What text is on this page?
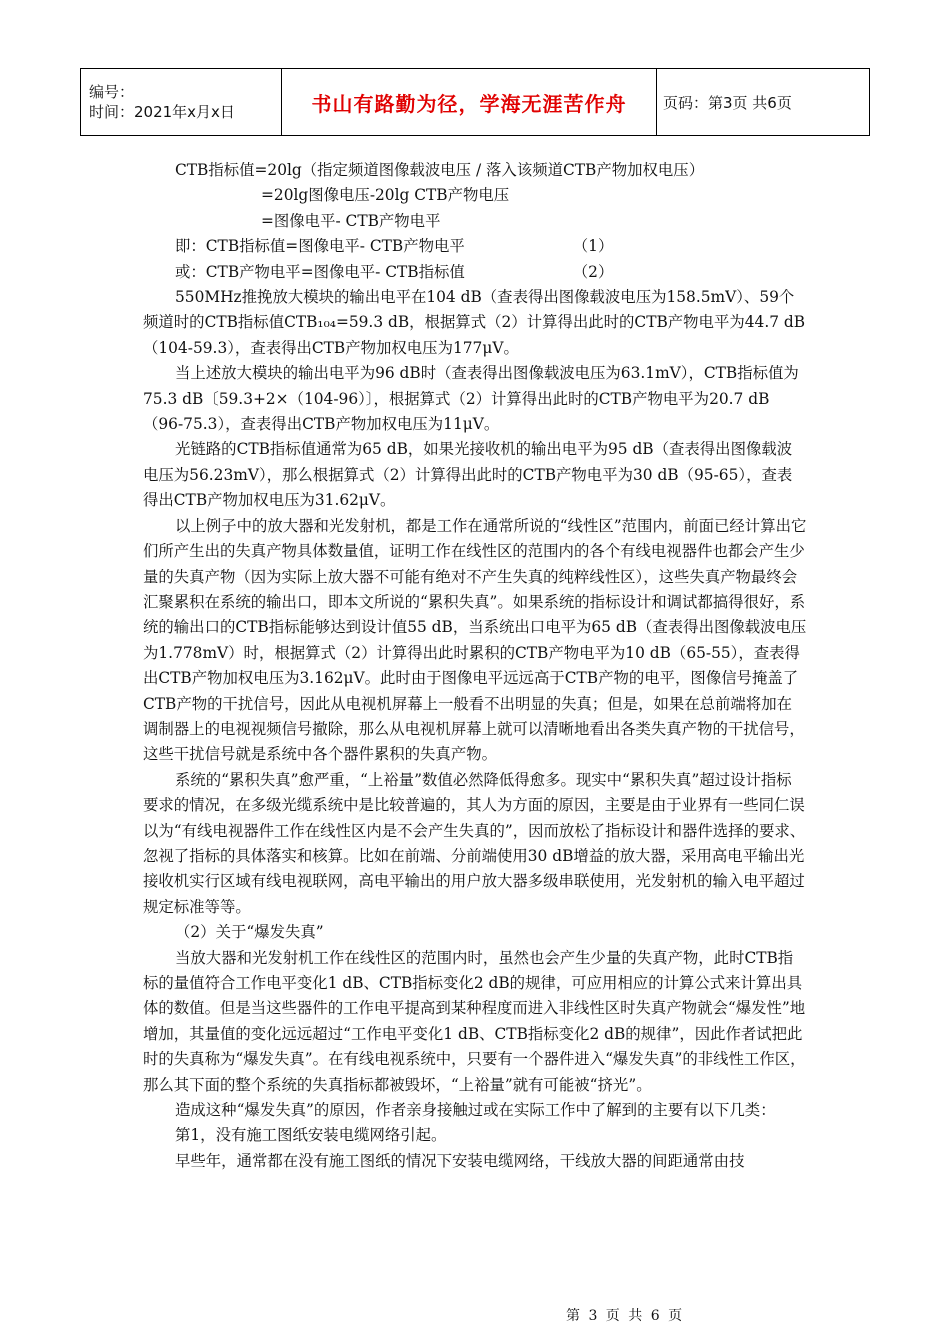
编号：
时间：2021年x月x日	书山有路勤为径，学海无涯苦作舟	页码：第3页 共6页

CTB指标值=20lg（指定频道图像载波电压 / 落入该频道CTB产物加权电压）

=20lg图像电压-20lg CTB产物电压

=图像电平- CTB产物电平

即：CTB指标值=图像电平- CTB产物电平	（1）

或：CTB产物电平=图像电平- CTB指标值	（2）

550MHz推挽放大模块的输出电平在104 dB（查表得出图像载波电压为158.5mV）、59个频道时的CTB指标值CTB₁₀₄=59.3 dB，根据算式（2）计算得出此时的CTB产物电平为44.7 dB（104-59.3），查表得出CTB产物加权电压为177μV。

当上述放大模块的输出电平为96 dB时（查表得出图像载波电压为63.1mV），CTB指标值为75.3 dB〔59.3+2×（104-96）〕，根据算式（2）计算得出此时的CTB产物电平为20.7 dB（96-75.3），查表得出CTB产物加权电压为11μV。

光链路的CTB指标值通常为65 dB，如果光接收机的输出电平为95 dB（查表得出图像载波电压为56.23mV），那么根据算式（2）计算得出此时的CTB产物电平为30 dB（95-65），查表得出CTB产物加权电压为31.62μV。

以上例子中的放大器和光发射机，都是工作在通常所说的“线性区”范围内，前面已经计算出它们所产生出的失真产物具体数量值，证明工作在线性区的范围内的各个有线电视器件也都会产生少量的失真产物（因为实际上放大器不可能有绝对不产生失真的纯粹线性区），这些失真产物最终会汇聚累积在系统的输出口，即本文所说的“累积失真”。如果系统的指标设计和调试都搞得很好，系统的输出口的CTB指标能够达到设计值55 dB，当系统出口电平为65 dB（查表得出图像载波电压为1.778mV）时，根据算式（2）计算得出此时累积的CTB产物电平为10 dB（65-55），查表得出CTB产物加权电压为3.162μV。此时由于图像电平远远高于CTB产物的电平，图像信号掩盖了CTB产物的干扰信号，因此从电视机屏幕上一般看不出明显的失真；但是，如果在总前端将加在调制器上的电视视频信号撤除，那么从电视机屏幕上就可以清晰地看出各类失真产物的干扰信号，这些干扰信号就是系统中各个器件累积的失真产物。

系统的“累积失真”愈严重，“上裕量”数值必然降低得愈多。现实中“累积失真”超过设计指标要求的情况，在多级光缆系统中是比较普遍的，其人为方面的原因，主要是由于业界有一些同仁误以为“有线电视器件工作在线性区内是不会产生失真的”，因而放松了指标设计和器件选择的要求、忽视了指标的具体落实和核算。比如在前端、分前端使用30 dB增益的放大器，采用高电平输出光接收机实行区域有线电视联网，高电平输出的用户放大器多级串联使用，光发射机的输入电平超过规定标准等等。

（2）关于“爆发失真”

当放大器和光发射机工作在线性区的范围内时，虽然也会产生少量的失真产物，此时CTB指标的量值符合工作电平变化1 dB、CTB指标变化2 dB的规律，可应用相应的计算公式来计算出具体的数值。但是当这些器件的工作电平提高到某种程度而进入非线性区时失真产物就会“爆发性”地增加，其量值的变化远远超过“工作电平变化1 dB、CTB指标变化2 dB的规律”，因此作者试把此时的失真称为“爆发失真”。在有线电视系统中，只要有一个器件进入“爆发失真”的非线性工作区，那么其下面的整个系统的失真指标都被毁坏，“上裕量”就有可能被“挤光”。

造成这种“爆发失真”的原因，作者亲身接触过或在实际工作中了解到的主要有以下几类：

第1，没有施工图纸安装电缆网络引起。

早些年，通常都在没有施工图纸的情况下安装电缆网络，干线放大器的间距通常由技

第 3 页 共 6 页
